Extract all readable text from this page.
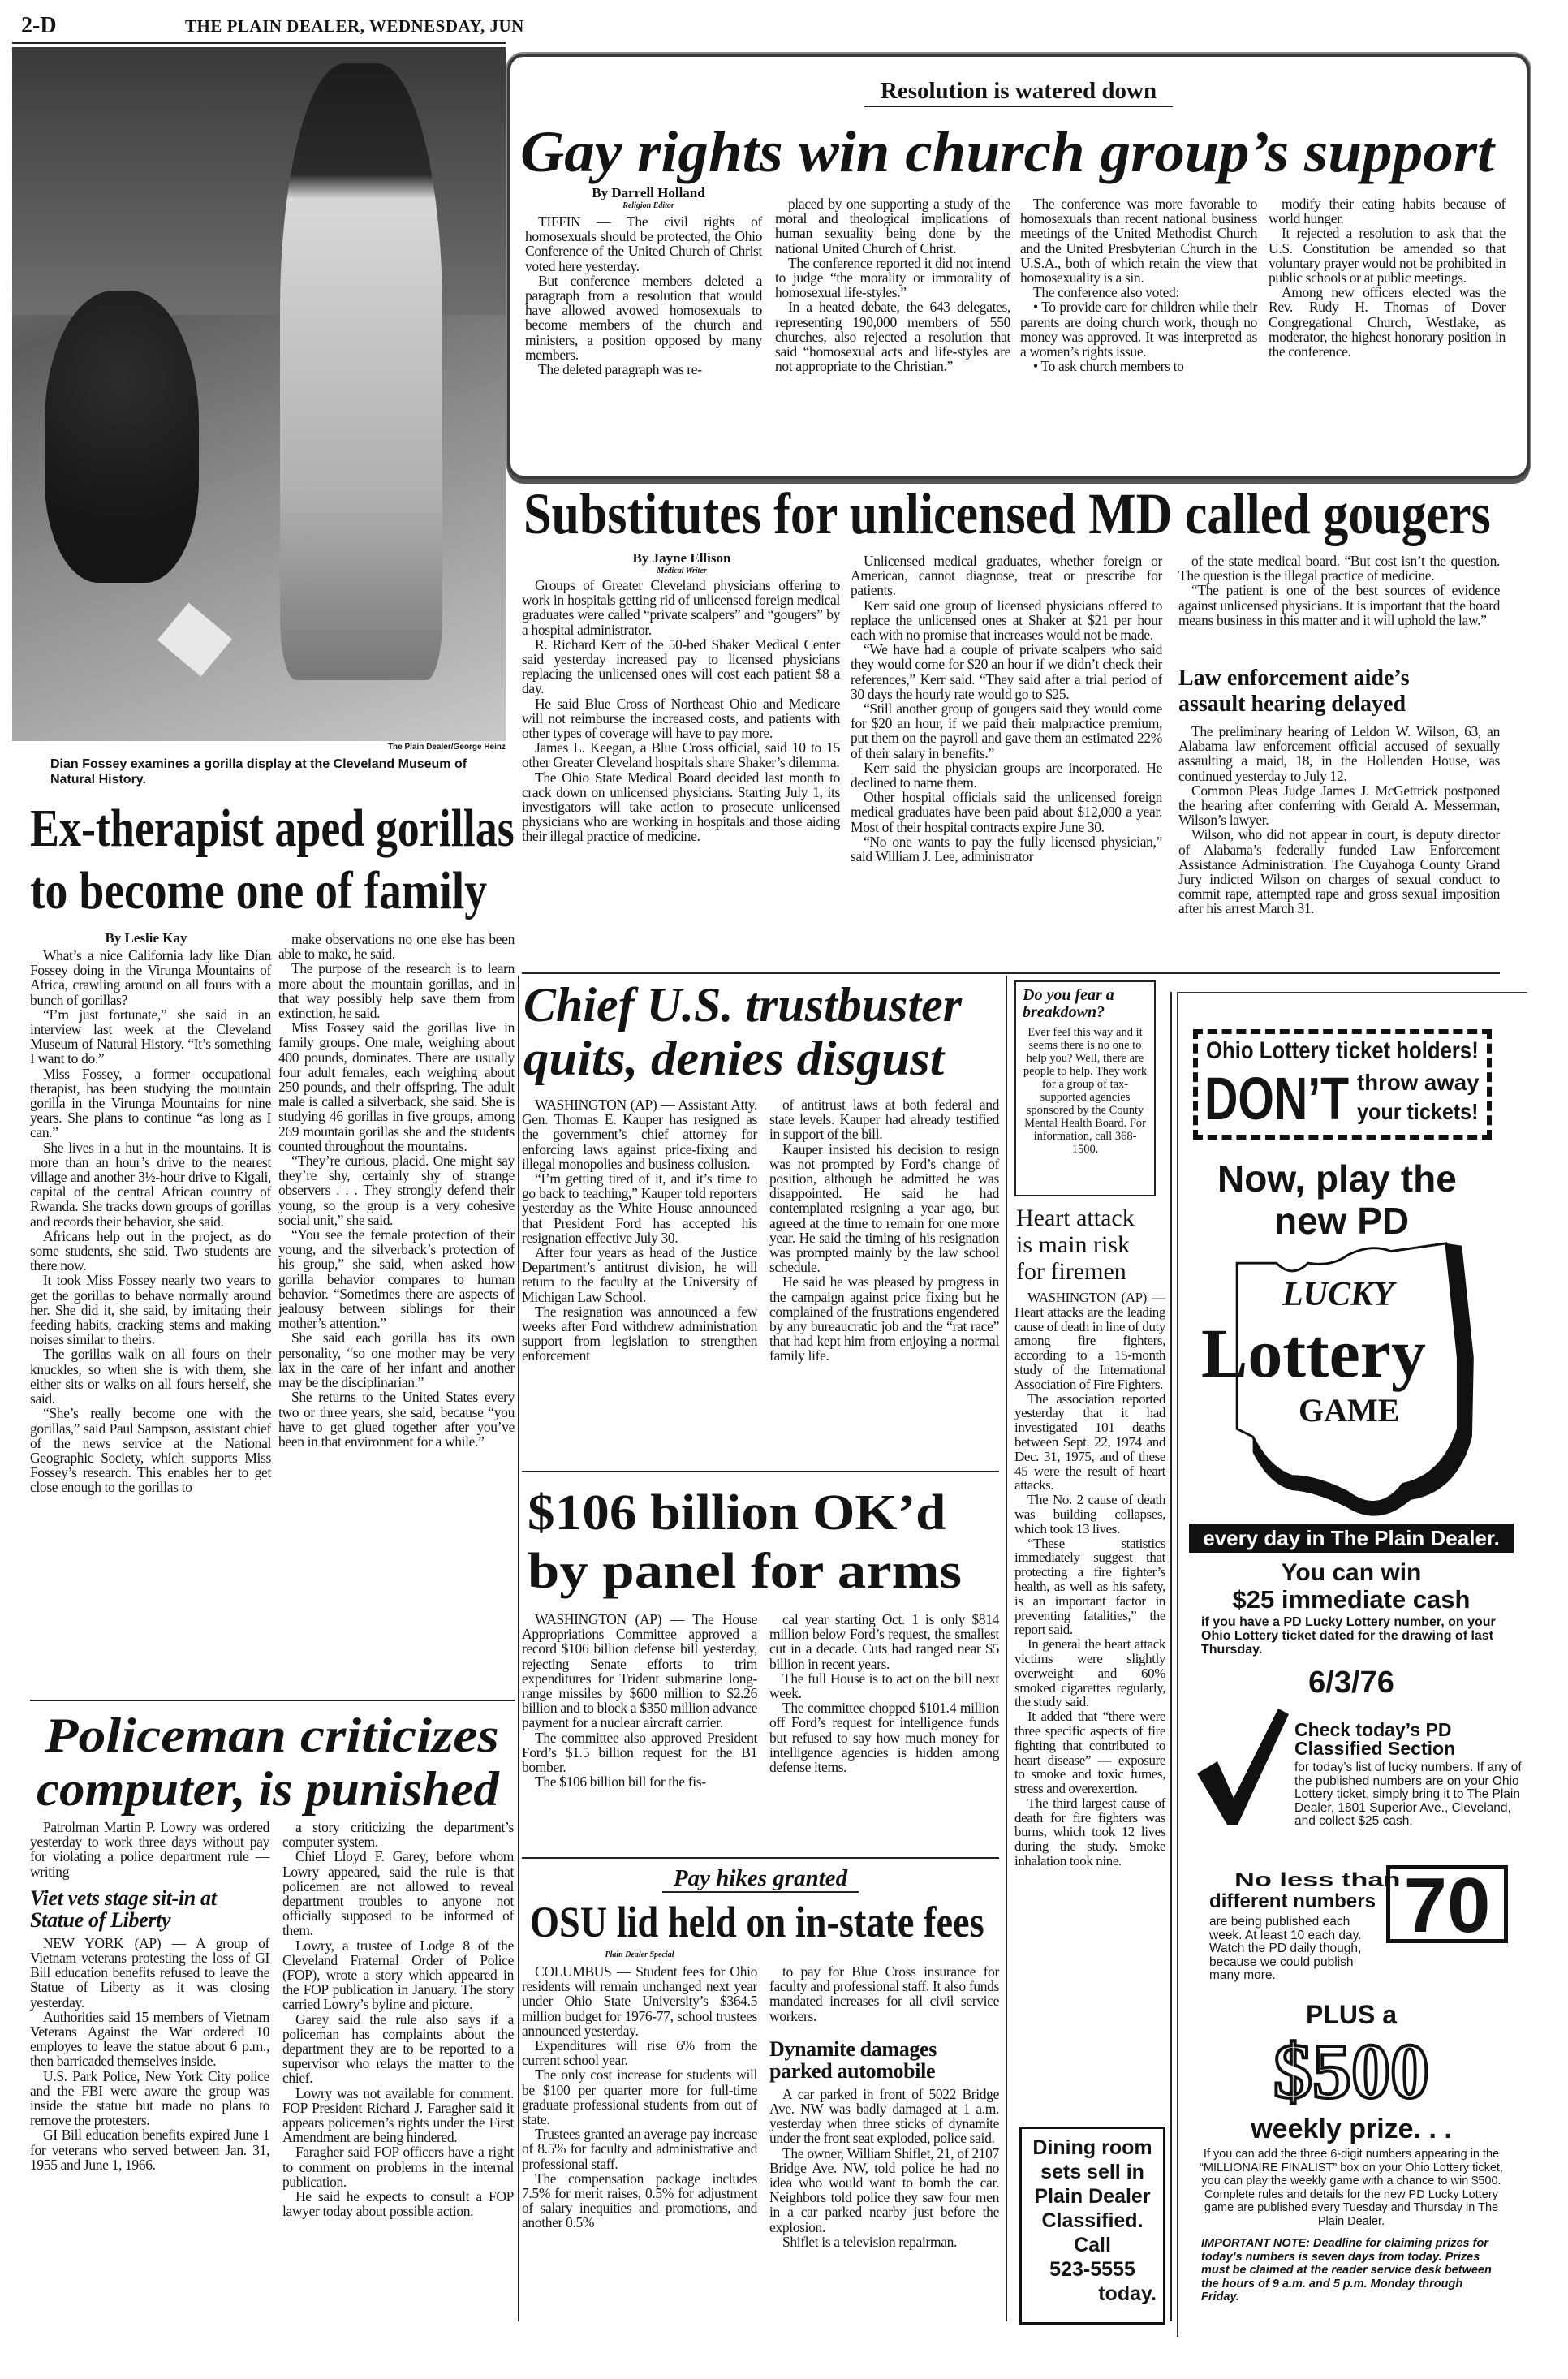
2-D	THE PLAIN DEALER, WEDNESDAY, JUN
The Plain Dealer/George Heinz
Dian Fossey examines a gorilla display at the Cleveland Museum of Natural History.
Resolution is watered down
Gay rights win church group’s support
By Darrell Holland
Religion Editor

TIFFIN — The civil rights of homosexuals should be protected, the Ohio Conference of the United Church of Christ voted here yesterday.

But conference members deleted a paragraph from a resolution that would have allowed avowed homosexuals to become members of the church and ministers, a position opposed by many members.

The deleted paragraph was re-

placed by one supporting a study of the moral and theological implications of human sexuality being done by the national United Church of Christ.

The conference reported it did not intend to judge “the morality or immorality of homosexual life-styles.”

In a heated debate, the 643 delegates, representing 190,000 members of 550 churches, also rejected a resolution that said “homosexual acts and life-styles are not appropriate to the Christian.”

The conference was more favorable to homosexuals than recent national business meetings of the United Methodist Church and the United Presbyterian Church in the U.S.A., both of which retain the view that homosexuality is a sin.

The conference also voted:

• To provide care for children while their parents are doing church work, though no money was approved. It was interpreted as a women’s rights issue.

• To ask church members to

modify their eating habits because of world hunger.

It rejected a resolution to ask that the U.S. Constitution be amended so that voluntary prayer would not be prohibited in public schools or at public meetings.

Among new officers elected was the Rev. Rudy H. Thomas of Dover Congregational Church, Westlake, as moderator, the highest honorary position in the conference.

Substitutes for unlicensed MD called gougers
By Jayne Ellison
Medical Writer

Groups of Greater Cleveland physicians offering to work in hospitals getting rid of unlicensed foreign medical graduates were called “private scalpers” and “gougers” by a hospital administrator.

R. Richard Kerr of the 50-bed Shaker Medical Center said yesterday increased pay to licensed physicians replacing the unlicensed ones will cost each patient $8 a day.

He said Blue Cross of Northeast Ohio and Medicare will not reimburse the increased costs, and patients with other types of coverage will have to pay more.

James L. Keegan, a Blue Cross official, said 10 to 15 other Greater Cleveland hospitals share Shaker’s dilemma.

The Ohio State Medical Board decided last month to crack down on unlicensed physicians. Starting July 1, its investigators will take action to prosecute unlicensed physicians who are working in hospitals and those aiding their illegal practice of medicine.

Unlicensed medical graduates, whether foreign or American, cannot diagnose, treat or prescribe for patients.

Kerr said one group of licensed physicians offered to replace the unlicensed ones at Shaker at $21 per hour each with no promise that increases would not be made.

“We have had a couple of private scalpers who said they would come for $20 an hour if we didn’t check their references,” Kerr said. “They said after a trial period of 30 days the hourly rate would go to $25.

“Still another group of gougers said they would come for $20 an hour, if we paid their malpractice premium, put them on the payroll and gave them an estimated 22% of their salary in benefits.”

Kerr said the physician groups are incorporated. He declined to name them.

Other hospital officials said the unlicensed foreign medical graduates have been paid about $12,000 a year. Most of their hospital contracts expire June 30.

“No one wants to pay the fully licensed physician,” said William J. Lee, administrator

of the state medical board. “But cost isn’t the question. The question is the illegal practice of medicine.

“The patient is one of the best sources of evidence against unlicensed physicians. It is important that the board means business in this matter and it will uphold the law.”

Law enforcement aide’s assault hearing delayed

The preliminary hearing of Leldon W. Wilson, 63, an Alabama law enforcement official accused of sexually assaulting a maid, 18, in the Hollenden House, was continued yesterday to July 12.

Common Pleas Judge James J. McGettrick postponed the hearing after conferring with Gerald A. Messerman, Wilson’s lawyer.

Wilson, who did not appear in court, is deputy director of Alabama’s federally funded Law Enforcement Assistance Administration. The Cuyahoga County Grand Jury indicted Wilson on charges of sexual conduct to commit rape, attempted rape and gross sexual imposition after his arrest March 31.

Ex-therapist aped gorillas
to become one of family
By Leslie Kay

What’s a nice California lady like Dian Fossey doing in the Virunga Mountains of Africa, crawling around on all fours with a bunch of gorillas?

“I’m just fortunate,” she said in an interview last week at the Cleveland Museum of Natural History. “It’s something I want to do.”

Miss Fossey, a former occupational therapist, has been studying the mountain gorilla in the Virunga Mountains for nine years. She plans to continue “as long as I can.”

She lives in a hut in the mountains. It is more than an hour’s drive to the nearest village and another 3½-hour drive to Kigali, capital of the central African country of Rwanda. She tracks down groups of gorillas and records their behavior, she said.

Africans help out in the project, as do some students, she said. Two students are there now.

It took Miss Fossey nearly two years to get the gorillas to behave normally around her. She did it, she said, by imitating their feeding habits, cracking stems and making noises similar to theirs.

The gorillas walk on all fours on their knuckles, so when she is with them, she either sits or walks on all fours herself, she said.

“She’s really become one with the gorillas,” said Paul Sampson, assistant chief of the news service at the National Geographic Society, which supports Miss Fossey’s research. This enables her to get close enough to the gorillas to

make observations no one else has been able to make, he said.

The purpose of the research is to learn more about the mountain gorillas, and in that way possibly help save them from extinction, he said.

Miss Fossey said the gorillas live in family groups. One male, weighing about 400 pounds, dominates. There are usually four adult females, each weighing about 250 pounds, and their offspring. The adult male is called a silverback, she said. She is studying 46 gorillas in five groups, among 269 mountain gorillas she and the students counted throughout the mountains.

“They’re curious, placid. One might say they’re shy, certainly shy of strange observers . . . They strongly defend their young, so the group is a very cohesive social unit,” she said.

“You see the female protection of their young, and the silverback’s protection of his group,” she said, when asked how gorilla behavior compares to human behavior. “Sometimes there are aspects of jealousy between siblings for their mother’s attention.”

She said each gorilla has its own personality, “so one mother may be very lax in the care of her infant and another may be the disciplinarian.”

She returns to the United States every two or three years, she said, because “you have to get glued together after you’ve been in that environment for a while.”

Chief U.S. trustbuster
quits, denies disgust

WASHINGTON (AP) — Assistant Atty. Gen. Thomas E. Kauper has resigned as the government’s chief attorney for enforcing laws against price-fixing and illegal monopolies and business collusion.

“I’m getting tired of it, and it’s time to go back to teaching,” Kauper told reporters yesterday as the White House announced that President Ford has accepted his resignation effective July 30.

After four years as head of the Justice Department’s antitrust division, he will return to the faculty at the University of Michigan Law School.

The resignation was announced a few weeks after Ford withdrew administration support from legislation to strengthen enforcement

of antitrust laws at both federal and state levels. Kauper had already testified in support of the bill.

Kauper insisted his decision to resign was not prompted by Ford’s change of position, although he admitted he was disappointed. He said he had contemplated resigning a year ago, but agreed at the time to remain for one more year. He said the timing of his resignation was prompted mainly by the law school schedule.

He said he was pleased by progress in the campaign against price fixing but he complained of the frustrations engendered by any bureaucratic job and the “rat race” that had kept him from enjoying a normal family life.

Do you fear a breakdown?
Ever feel this way and it seems there is no one to help you? Well, there are people to help. They work for a group of tax-supported agencies sponsored by the County Mental Health Board. For information, call 368-1500.
Heart attack
is main risk
for firemen

WASHINGTON (AP) — Heart attacks are the leading cause of death in line of duty among fire fighters, according to a 15-month study of the International Association of Fire Fighters.

The association reported yesterday that it had investigated 101 deaths between Sept. 22, 1974 and Dec. 31, 1975, and of these 45 were the result of heart attacks.

The No. 2 cause of death was building collapses, which took 13 lives.

“These statistics immediately suggest that protecting a fire fighter’s health, as well as his safety, is an important factor in preventing fatalities,” the report said.

In general the heart attack victims were slightly overweight and 60% smoked cigarettes regularly, the study said.

It added that “there were three specific aspects of fire fighting that contributed to heart disease” — exposure to smoke and toxic fumes, stress and overexertion.

The third largest cause of death for fire fighters was burns, which took 12 lives during the study. Smoke inhalation took nine.

$106 billion OK’d
by panel for arms

WASHINGTON (AP) — The House Appropriations Committee approved a record $106 billion defense bill yesterday, rejecting Senate efforts to trim expenditures for Trident submarine long-range missiles by $600 million to $2.26 billion and to block a $350 million advance payment for a nuclear aircraft carrier.

The committee also approved President Ford’s $1.5 billion request for the B1 bomber.

The $106 billion bill for the fis-

cal year starting Oct. 1 is only $814 million below Ford’s request, the smallest cut in a decade. Cuts had ranged near $5 billion in recent years.

The full House is to act on the bill next week.

The committee chopped $101.4 million off Ford’s request for intelligence funds but refused to say how much money for intelligence agencies is hidden among defense items.

Policeman criticizes
computer, is punished

Patrolman Martin P. Lowry was ordered yesterday to work three days without pay for violating a police department rule — writing

Viet vets stage sit-in at Statue of Liberty

NEW YORK (AP) — A group of Vietnam veterans protesting the loss of GI Bill education benefits refused to leave the Statue of Liberty as it was closing yesterday.

Authorities said 15 members of Vietnam Veterans Against the War ordered 10 employes to leave the statue about 6 p.m., then barricaded themselves inside.

U.S. Park Police, New York City police and the FBI were aware the group was inside the statue but made no plans to remove the protesters.

GI Bill education benefits expired June 1 for veterans who served between Jan. 31, 1955 and June 1, 1966.

a story criticizing the department’s computer system.

Chief Lloyd F. Garey, before whom Lowry appeared, said the rule is that policemen are not allowed to reveal department troubles to anyone not officially supposed to be informed of them.

Lowry, a trustee of Lodge 8 of the Cleveland Fraternal Order of Police (FOP), wrote a story which appeared in the FOP publication in January. The story carried Lowry’s byline and picture.

Garey said the rule also says if a policeman has complaints about the department they are to be reported to a supervisor who relays the matter to the chief.

Lowry was not available for comment. FOP President Richard J. Faragher said it appears policemen’s rights under the First Amendment are being hindered.

Faragher said FOP officers have a right to comment on problems in the internal publication.

He said he expects to consult a FOP lawyer today about possible action.

Pay hikes granted
OSU lid held on in-state fees
Plain Dealer Special

COLUMBUS — Student fees for Ohio residents will remain unchanged next year under Ohio State University’s $364.5 million budget for 1976-77, school trustees announced yesterday.

Expenditures will rise 6% from the current school year.

The only cost increase for students will be $100 per quarter more for full-time graduate professional students from out of state.

Trustees granted an average pay increase of 8.5% for faculty and administrative and professional staff.

The compensation package includes 7.5% for merit raises, 0.5% for adjustment of salary inequities and promotions, and another 0.5%

to pay for Blue Cross insurance for faculty and professional staff. It also funds mandated increases for all civil service workers.

Dynamite damages parked automobile

A car parked in front of 5022 Bridge Ave. NW was badly damaged at 1 a.m. yesterday when three sticks of dynamite under the front seat exploded, police said.

The owner, William Shiflet, 21, of 2107 Bridge Ave. NW, told police he had no idea who would want to bomb the car. Neighbors told police they saw four men in a car parked nearby just before the explosion.

Shiflet is a television repairman.

Dining room
sets sell in
Plain Dealer
Classified.
Call
523-5555
today.
Ohio Lottery ticket holders!
DON’T throw away
your tickets!
Now, play the
new PD
LUCKY
Lottery
GAME
every day in The Plain Dealer.
You can win
$25 immediate cash
if you have a PD Lucky Lottery number, on your Ohio Lottery ticket dated for the drawing of last Thursday.
6/3/76
Check today’s PD Classified Section
for today’s list of lucky numbers. If any of the published numbers are on your Ohio Lottery ticket, simply bring it to The Plain Dealer, 1801 Superior Ave., Cleveland, and collect $25 cash.
No less than
different numbers 70
are being published each week. At least 10 each day. Watch the PD daily though, because we could publish many more.
PLUS a
$500
weekly prize. . .
If you can add the three 6-digit numbers appearing in the “MILLIONAIRE FINALIST” box on your Ohio Lottery ticket, you can play the weekly game with a chance to win $500. Complete rules and details for the new PD Lucky Lottery game are published every Tuesday and Thursday in The Plain Dealer.
IMPORTANT NOTE: Deadline for claiming prizes for today’s numbers is seven days from today. Prizes must be claimed at the reader service desk between the hours of 9 a.m. and 5 p.m. Monday through Friday.
